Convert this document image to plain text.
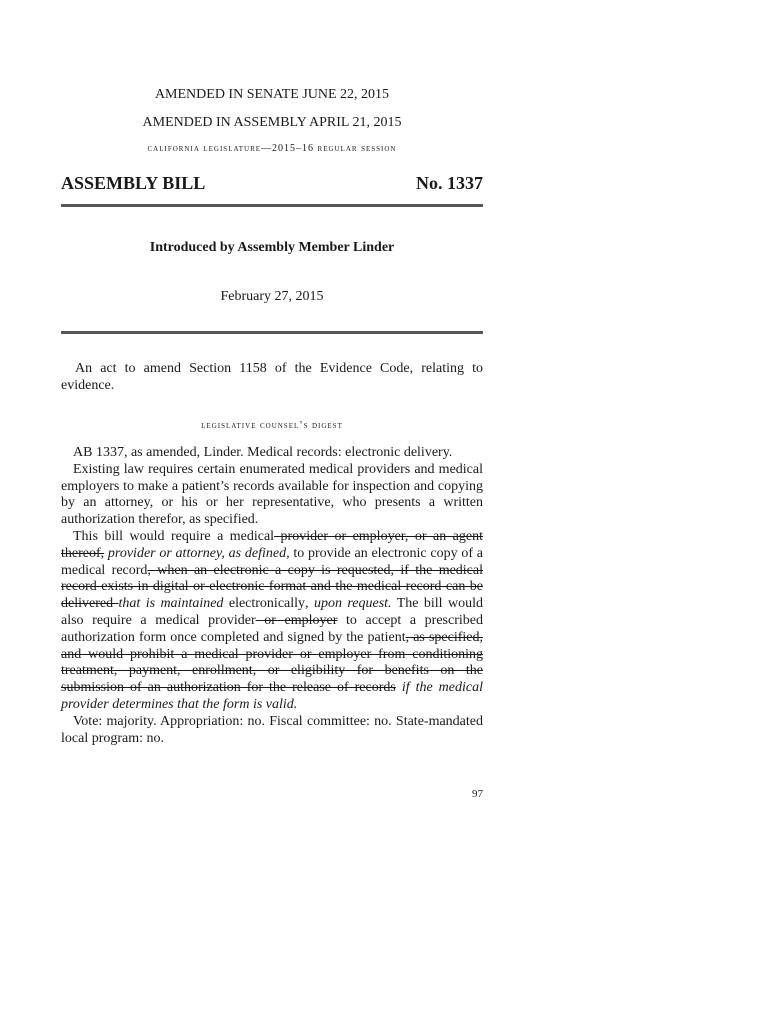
AMENDED IN SENATE JUNE 22, 2015
AMENDED IN ASSEMBLY APRIL 21, 2015
california legislature—2015–16 regular session
ASSEMBLY BILL	No. 1337
Introduced by Assembly Member Linder
February 27, 2015
An act to amend Section 1158 of the Evidence Code, relating to evidence.
legislative counsel’s digest

AB 1337, as amended, Linder. Medical records: electronic delivery.

Existing law requires certain enumerated medical providers and medical employers to make a patient’s records available for inspection and copying by an attorney, or his or her representative, who presents a written authorization therefor, as specified.

This bill would require a medical provider or employer, or an agent thereof, provider or attorney, as defined, to provide an electronic copy of a medical record, when an electronic a copy is requested, if the medical record exists in digital or electronic format and the medical record can be delivered that is maintained electronically, upon request. The bill would also require a medical provider or employer to accept a prescribed authorization form once completed and signed by the patient, as specified, and would prohibit a medical provider or employer from conditioning treatment, payment, enrollment, or eligibility for benefits on the submission of an authorization for the release of records if the medical provider determines that the form is valid.

Vote: majority. Appropriation: no. Fiscal committee: no. State-mandated local program: no.

97
